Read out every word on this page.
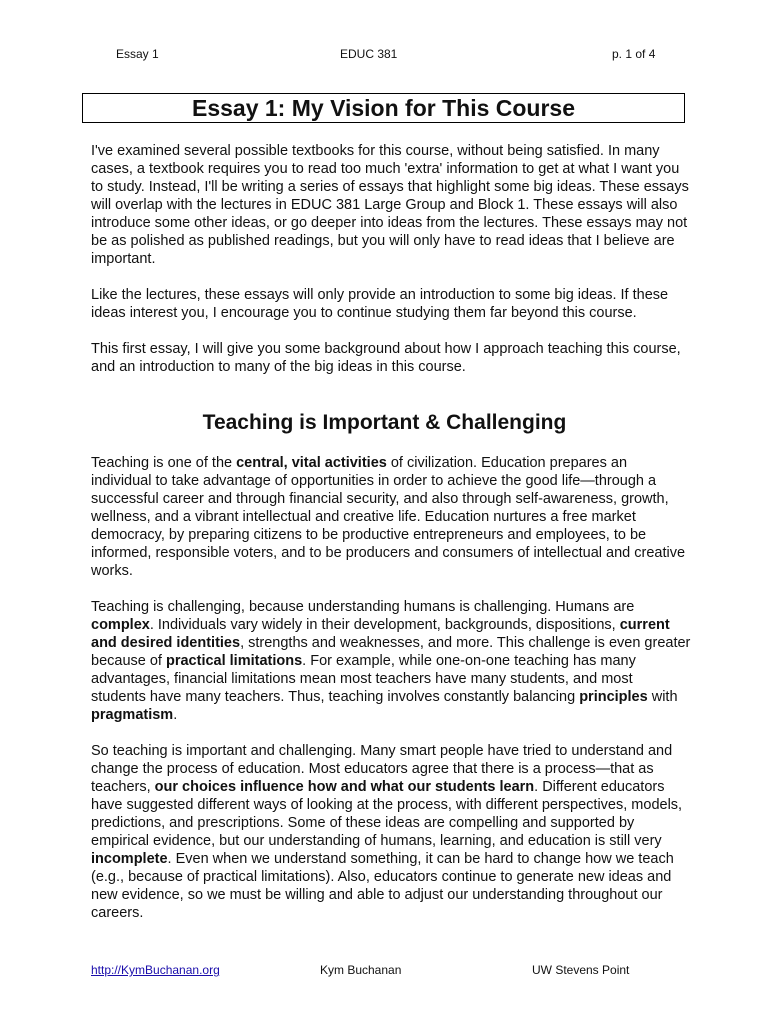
Essay 1	EDUC 381	p. 1 of 4
Essay 1: My Vision for This Course

I've examined several possible textbooks for this course, without being satisfied. In many cases, a textbook requires you to read too much 'extra' information to get at what I want you to study. Instead, I'll be writing a series of essays that highlight some big ideas. These essays will overlap with the lectures in EDUC 381 Large Group and Block 1. These essays will also introduce some other ideas, or go deeper into ideas from the lectures. These essays may not be as polished as published readings, but you will only have to read ideas that I believe are important.

Like the lectures, these essays will only provide an introduction to some big ideas. If these ideas interest you, I encourage you to continue studying them far beyond this course.

This first essay, I will give you some background about how I approach teaching this course, and an introduction to many of the big ideas in this course.

Teaching is Important & Challenging

Teaching is one of the central, vital activities of civilization. Education prepares an individual to take advantage of opportunities in order to achieve the good life—through a successful career and through financial security, and also through self-awareness, growth, wellness, and a vibrant intellectual and creative life. Education nurtures a free market democracy, by preparing citizens to be productive entrepreneurs and employees, to be informed, responsible voters, and to be producers and consumers of intellectual and creative works.

Teaching is challenging, because understanding humans is challenging. Humans are complex. Individuals vary widely in their development, backgrounds, dispositions, current and desired identities, strengths and weaknesses, and more. This challenge is even greater because of practical limitations. For example, while one-on-one teaching has many advantages, financial limitations mean most teachers have many students, and most students have many teachers. Thus, teaching involves constantly balancing principles with pragmatism.

So teaching is important and challenging. Many smart people have tried to understand and change the process of education. Most educators agree that there is a process—that as teachers, our choices influence how and what our students learn. Different educators have suggested different ways of looking at the process, with different perspectives, models, predictions, and prescriptions. Some of these ideas are compelling and supported by empirical evidence, but our understanding of humans, learning, and education is still very incomplete. Even when we understand something, it can be hard to change how we teach (e.g., because of practical limitations). Also, educators continue to generate new ideas and new evidence, so we must be willing and able to adjust our understanding throughout our careers.

http://KymBuchanan.org	Kym Buchanan	UW Stevens Point
